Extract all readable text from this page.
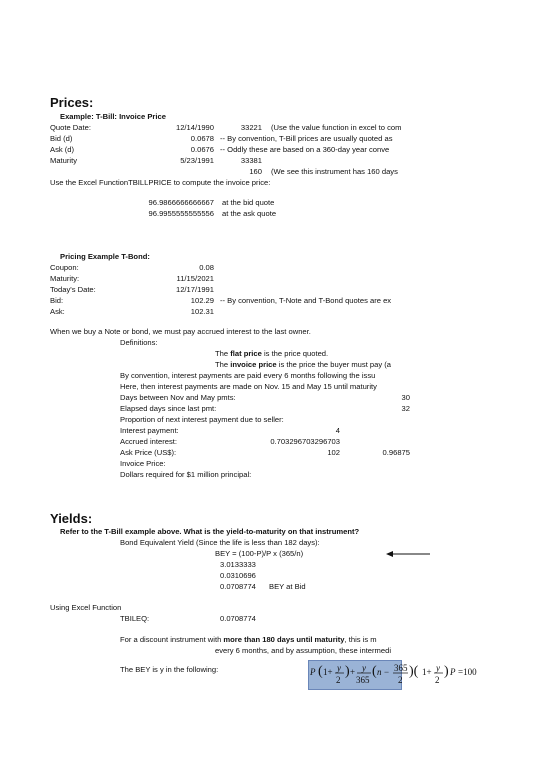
Prices:
Example: T-Bill: Invoice Price
Quote Date:	12/14/1990	33221 (Use the value function in excel to com
Bid (d)	0.0678 -- By convention, T-Bill prices are usually quoted as
Ask (d)	0.0676 -- Oddly these are based on a 360-day year conve
Maturity	5/23/1991	33381
160 (We see this instrument has 160 days
Use the Excel FunctionTBILLPRICE to compute the invoice price:
96.9866666666667 at the bid quote
96.9955555555556 at the ask quote
Pricing Example T-Bond:
Coupon:	0.08
Maturity:	11/15/2021
Today's Date:	12/17/1991
Bid:	102.29 -- By convention, T-Note and T-Bond quotes are ex
Ask:	102.31
When we buy a Note or bond, we must pay accrued interest to the last owner.
Definitions:
The flat price is the price quoted.
The invoice price is the price the buyer must pay (a
By convention, interest payments are paid every 6 months following the issu
Here, then interest payments are made on Nov. 15 and May 15 until maturity
Days between Nov and May pmts:	30
Elapsed days since last pmt:	32
Proportion of next interest payment due to seller:
Interest payment:	4
Accrued interest:	0.703296703296703
Ask Price (US$):	102	0.96875
Invoice Price:
Dollars required for $1 million principal:
Yields:
Refer to the T-Bill example above. What is the yield-to-maturity on that instrument?
Bond Equivalent Yield (Since the life is less than 182 days):
BEY = (100-P)/P x (365/n)
3.0133333
0.0310696
0.0708774 BEY at Bid
Using Excel Function
TBILEQ:	0.0708774
For a discount instrument with more than 180 days until maturity, this is m
every 6 months, and by assumption, these intermedi
The BEY is y in the following:	P ( 1+ y
2
) + y
365
( n − 365
2
)( 1+ y
2
) P =100
